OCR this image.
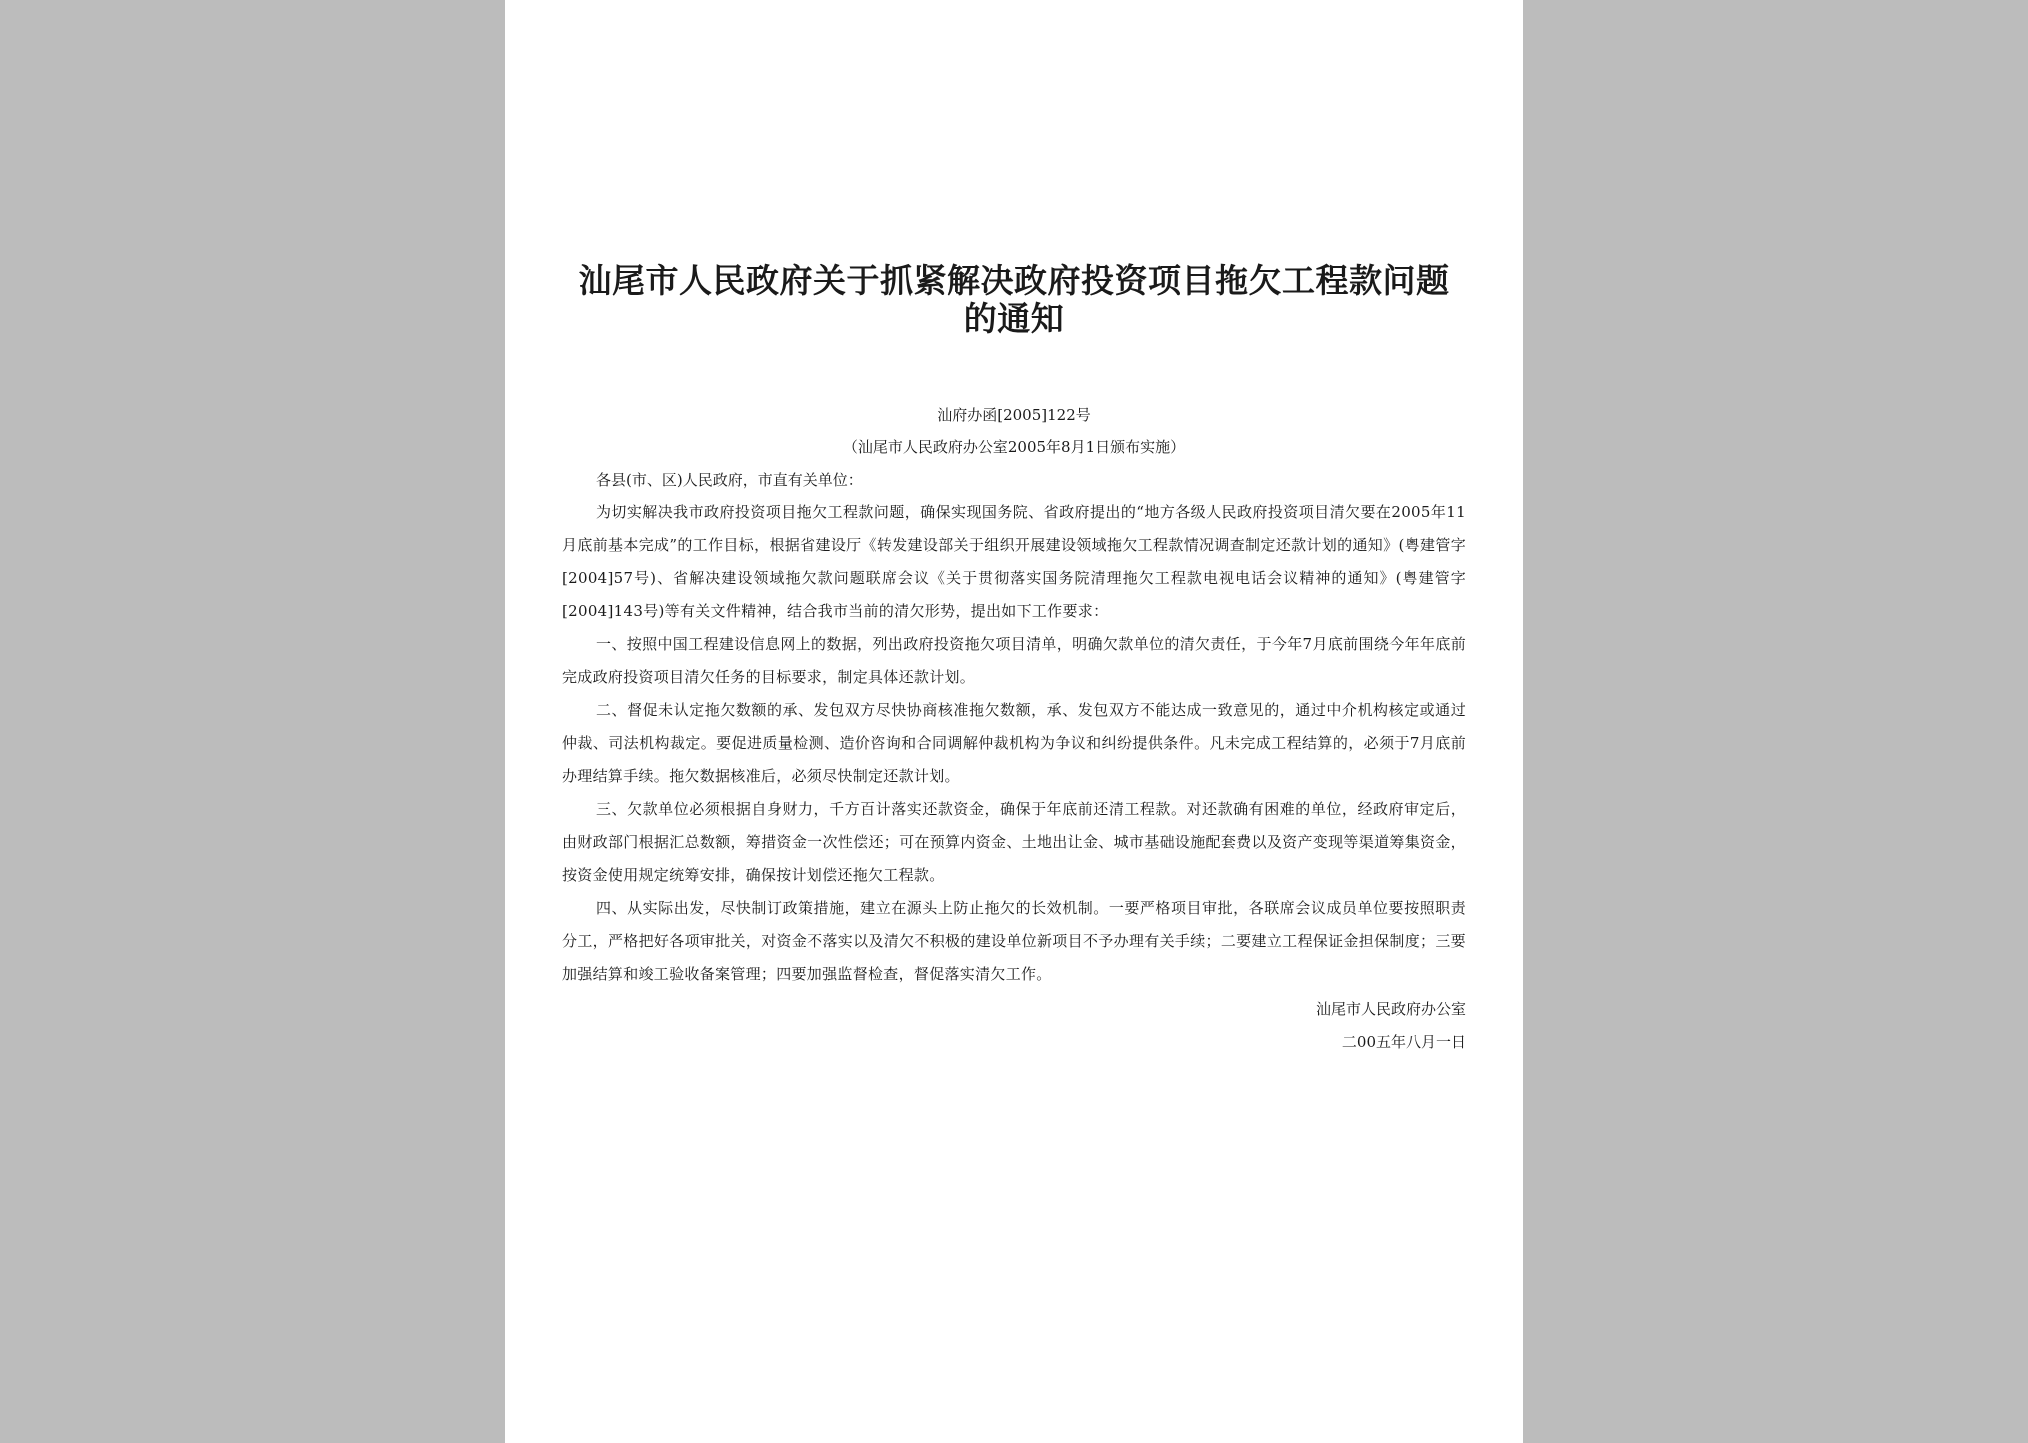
汕尾市人民政府关于抓紧解决政府投资项目拖欠工程款问题的通知

汕府办函[2005]122号

（汕尾市人民政府办公室2005年8月1日颁布实施）

各县(市、区)人民政府，市直有关单位：

为切实解决我市政府投资项目拖欠工程款问题，确保实现国务院、省政府提出的“地方各级人民政府投资项目清欠要在2005年11月底前基本完成”的工作目标，根据省建设厅《转发建设部关于组织开展建设领域拖欠工程款情况调查制定还款计划的通知》(粤建管字[2004]57号)、省解决建设领域拖欠款问题联席会议《关于贯彻落实国务院清理拖欠工程款电视电话会议精神的通知》(粤建管字[2004]143号)等有关文件精神，结合我市当前的清欠形势，提出如下工作要求：

一、按照中国工程建设信息网上的数据，列出政府投资拖欠项目清单，明确欠款单位的清欠责任，于今年7月底前围绕今年年底前完成政府投资项目清欠任务的目标要求，制定具体还款计划。

二、督促未认定拖欠数额的承、发包双方尽快协商核准拖欠数额，承、发包双方不能达成一致意见的，通过中介机构核定或通过仲裁、司法机构裁定。要促进质量检测、造价咨询和合同调解仲裁机构为争议和纠纷提供条件。凡未完成工程结算的，必须于7月底前办理结算手续。拖欠数据核准后，必须尽快制定还款计划。

三、欠款单位必须根据自身财力，千方百计落实还款资金，确保于年底前还清工程款。对还款确有困难的单位，经政府审定后，由财政部门根据汇总数额，筹措资金一次性偿还；可在预算内资金、土地出让金、城市基础设施配套费以及资产变现等渠道筹集资金，按资金使用规定统筹安排，确保按计划偿还拖欠工程款。

四、从实际出发，尽快制订政策措施，建立在源头上防止拖欠的长效机制。一要严格项目审批，各联席会议成员单位要按照职责分工，严格把好各项审批关，对资金不落实以及清欠不积极的建设单位新项目不予办理有关手续；二要建立工程保证金担保制度；三要加强结算和竣工验收备案管理；四要加强监督检查，督促落实清欠工作。

汕尾市人民政府办公室

二00五年八月一日
